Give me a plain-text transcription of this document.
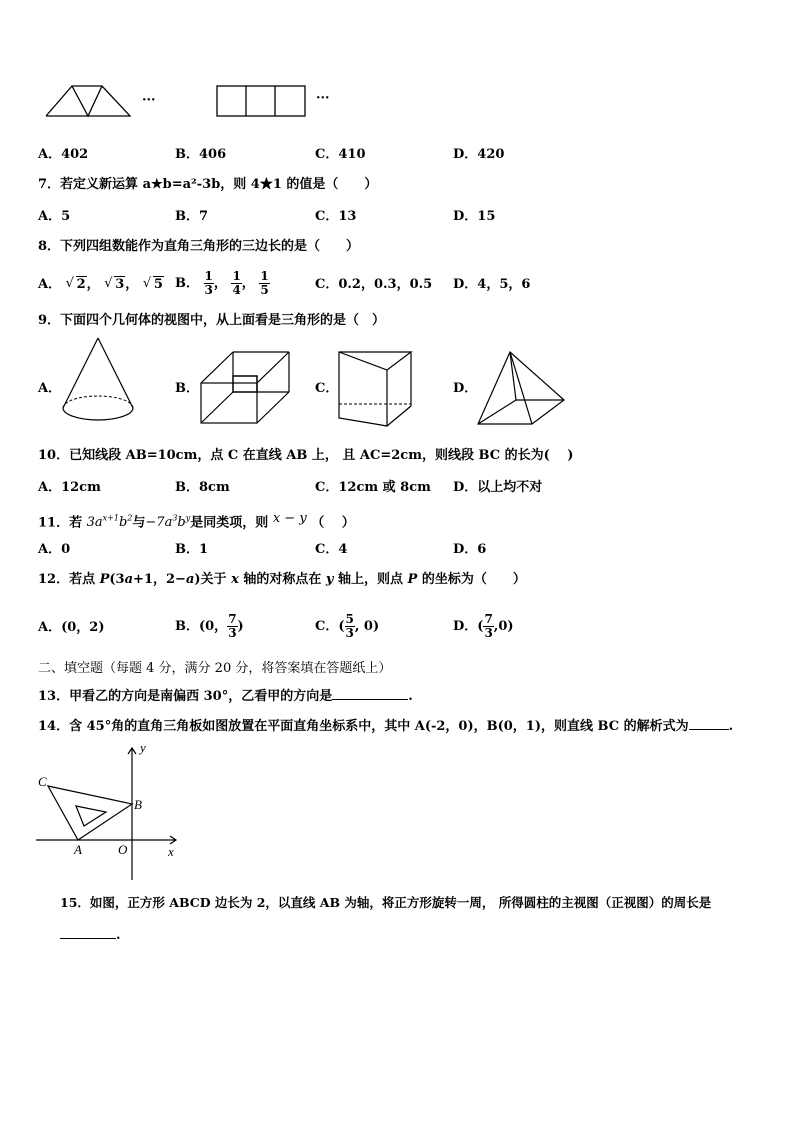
···	···
A．402	B．406	C．410	D．420
7．若定义新运算 a★b=a²-3b，则 4★1 的值是（　　）
A．5	B．7	C．13	D．15
8．下列四组数能作为直角三角形的三边长的是（　　）
A． √ 2， √ 3， √ 5 B． $\frac{1}{3}$ ， $\frac{1}{4}$ ， $\frac{1}{5}$	C．0.2，0.3，0.5 D．4，5，6
9．下面四个几何体的视图中，从上面看是三角形的是（　）
A．	B．	C．	D．
10．已知线段 AB=10cm，点 C 在直线 AB 上， 且 AC=2cm，则线段 BC 的长为(　 )
A．12cm	B．8cm	C．12cm 或 8cm D．以上均不对
11．若 $3a^{x+1}b^2$与$-7a^3b^y$是同类项，则 x − y （　 ）
A．0	B．1	C．4	D．6
12．若点 P(3a+1，2−a)关于 x 轴的对称点在 y 轴上，则点 P 的坐标为（　　）
A．(0，2)	B．(0， $\frac{7}{3}$ )	C．( $\frac{5}{3}$ , 0)	D．( $\frac{7}{3} ,0$)
二、填空题（每题 4 分，满分 20 分，将答案填在答题纸上）
13．甲看乙的方向是南偏西 30°，乙看甲的方向是	.
14．含 45°角的直角三角板如图放置在平面直角坐标系中，其中 A(-2，0)，B(0，1)，则直线 BC 的解析式为	.
y
x
C
B
A	O
15．如图，正方形 ABCD 边长为 2，以直线 AB 为轴，将正方形旋转一周， 所得圆柱的主视图（正视图）的周长是
.
